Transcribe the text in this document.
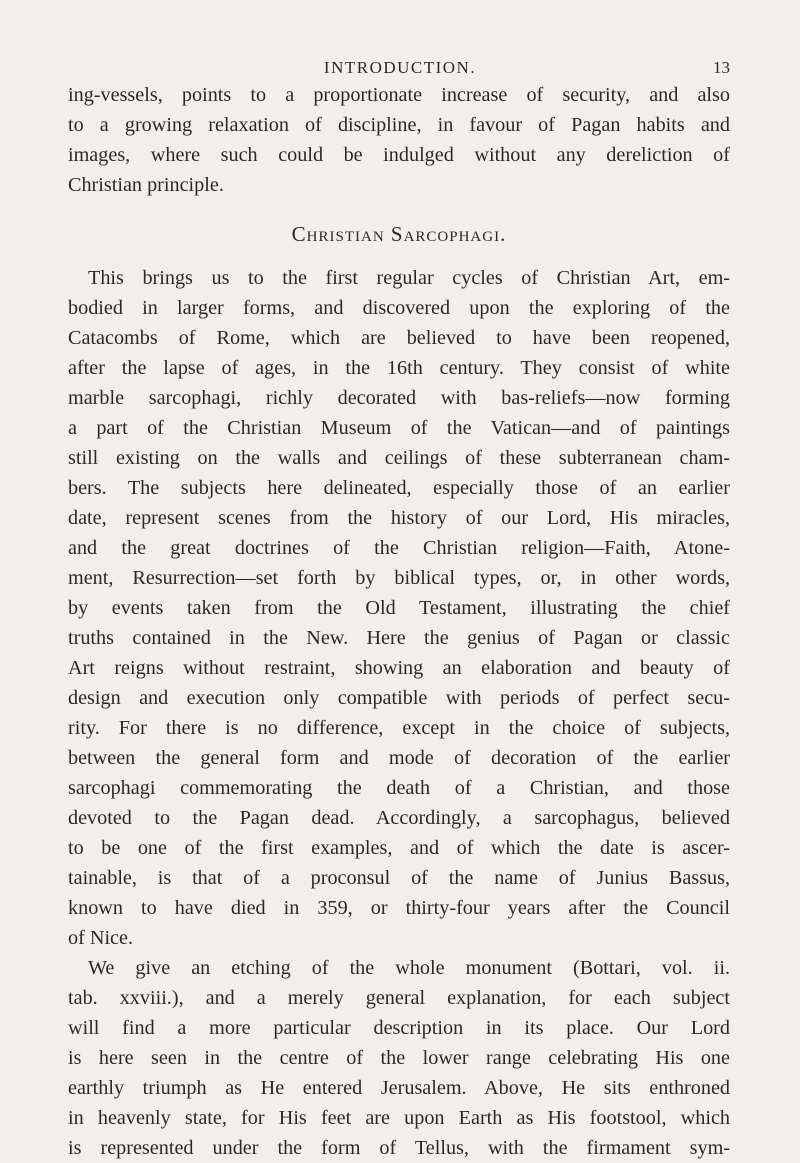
INTRODUCTION.	13
ing-vessels, points to a proportionate increase of security, and also
to a growing relaxation of discipline, in favour of Pagan habits and
images, where such could be indulged without any dereliction of
Christian principle.
Christian Sarcophagi.
This brings us to the first regular cycles of Christian Art, em-
bodied in larger forms, and discovered upon the exploring of the
Catacombs of Rome, which are believed to have been reopened,
after the lapse of ages, in the 16th century. They consist of white
marble sarcophagi, richly decorated with bas-reliefs—now forming
a part of the Christian Museum of the Vatican—and of paintings
still existing on the walls and ceilings of these subterranean cham-
bers. The subjects here delineated, especially those of an earlier
date, represent scenes from the history of our Lord, His miracles,
and the great doctrines of the Christian religion—Faith, Atone-
ment, Resurrection—set forth by biblical types, or, in other words,
by events taken from the Old Testament, illustrating the chief
truths contained in the New. Here the genius of Pagan or classic
Art reigns without restraint, showing an elaboration and beauty of
design and execution only compatible with periods of perfect secu-
rity. For there is no difference, except in the choice of subjects,
between the general form and mode of decoration of the earlier
sarcophagi commemorating the death of a Christian, and those
devoted to the Pagan dead. Accordingly, a sarcophagus, believed
to be one of the first examples, and of which the date is ascer-
tainable, is that of a proconsul of the name of Junius Bassus,
known to have died in 359, or thirty-four years after the Council
of Nice.
We give an etching of the whole monument (Bottari, vol. ii.
tab. xxviii.), and a merely general explanation, for each subject
will find a more particular description in its place. Our Lord
is here seen in the centre of the lower range celebrating His one
earthly triumph as He entered Jerusalem. Above, He sits enthroned
in heavenly state, for His feet are upon Earth as His footstool, which
is represented under the form of Tellus, with the firmament sym-
